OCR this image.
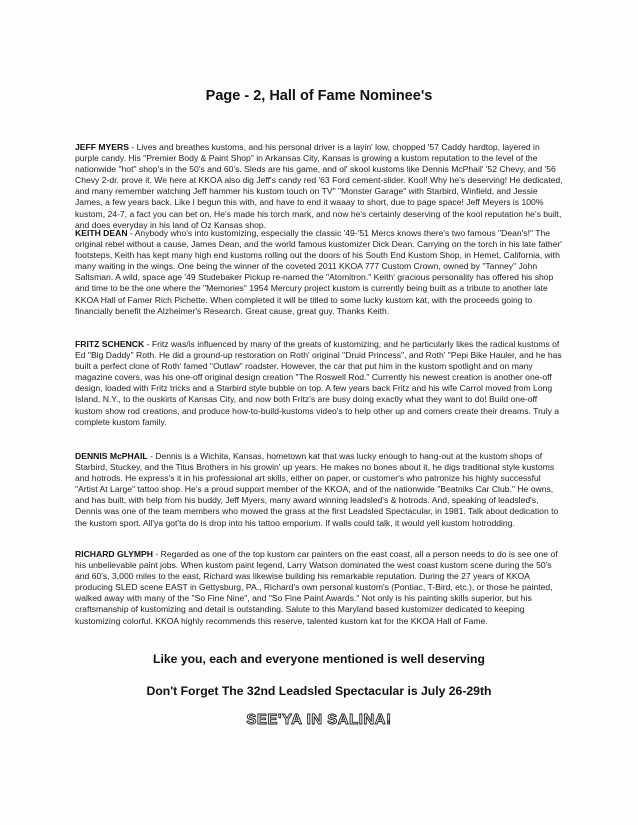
Page - 2, Hall of Fame Nominee's
JEFF MYERS - Lives and breathes kustoms, and his personal driver is a layin' low, chopped '57 Caddy hardtop, layered in purple candy. His "Premier Body & Paint Shop" in Arkansas City, Kansas is growing a kustom reputation to the level of the nationwide "hot" shop's in the 50's and 60's. Sleds are his game, and ol' skool kustoms like Dennis McPhail' '52 Chevy, and '56 Chevy 2-dr. prove it. We here at KKOA also dig Jeff's candy red '63 Ford cement-slider. Kool! Why he's deserving! He dedicated, and many remember watching Jeff hammer his kustom touch on TV" "Monster Garage" with Starbird, Winfield, and Jessie James, a few years back. Like I begun this with, and have to end it waaay to short, due to page space! Jeff Meyers is 100% kustom, 24-7, a fact you can bet on. He's made his torch mark, and now he's certainly deserving of the kool reputation he's built, and does everyday in his land of Oz Kansas shop.
KEITH DEAN - Anybody who's into kustomizing, especially the classic '49-'51 Mercs knows there's two famous "Dean's!" The original rebel without a cause, James Dean, and the world famous kustomizer Dick Dean. Carrying on the torch in his late father' footsteps, Keith has kept many high end kustoms rolling out the doors of his South End Kustom Shop, in Hemet, California, with many waiting in the wings. One being the winner of the coveted 2011 KKOA 777 Custom Crown, owned by "Tanney" John Saltsman. A wild, space age '49 Studebaker Pickup re-named the "Atomitron." Keith' gracious personality has offered his shop and time to be the one where the "Memories" 1954 Mercury project kustom is currently being built as a tribute to another late KKOA Hall of Famer Rich Pichette. When completed it will be titled to some lucky kustom kat, with the proceeds going to financially benefit the Alzheimer's Research. Great cause, great guy. Thanks Keith.
FRITZ SCHENCK - Fritz was/is influenced by many of the greats of kustomizing, and he particularly likes the radical kustoms of Ed "Big Daddy" Roth. He did a ground-up restoration on Roth' original "Druid Princess", and Roth' "Pepi Bike Hauler, and he has built a perfect clone of Roth' famed "Outlaw" roadster. However, the car that put him in the kustom spotlight and on many magazine covers, was his one-off original design creation "The Roswell Rod." Currently his newest creation is another one-off design, loaded with Fritz tricks and a Starbird style bubble on top. A few years back Fritz and his wife Carrol moved from Long Island, N.Y., to the ouskirts of Kansas City, and now both Fritz's are busy doing exactly what they want to do! Build one-off kustom show rod creations, and produce how-to-build-kustoms video's to help other up and comers create their dreams. Truly a complete kustom family.
DENNIS McPHAIL - Dennis is a Wichita, Kansas, hometown kat that was lucky enough to hang-out at the kustom shops of Starbird, Stuckey, and the Titus Brothers in his growin' up years. He makes no bones about it, he digs traditional style kustoms and hotrods. He express's it in his professional art skills, either on paper, or customer's who patronize his highly successful "Artist At Large" tattoo shop. He's a proud support member of the KKOA, and of the nationwide "Beatniks Car Club." He owns, and has built, with help from his buddy, Jeff Myers, many award winning leadsled's & hotrods. And, speaking of leadsled's, Dennis was one of the team members who mowed the grass at the first Leadsled Spectacular, in 1981. Talk about dedication to the kustom sport. All'ya got'ta do is drop into his tattoo emporium. If walls could talk, it would yell kustom hotrodding.
RICHARD GLYMPH - Regarded as one of the top kustom car painters on the east coast, all a person needs to do is see one of his unbelievable paint jobs. When kustom paint legend, Larry Watson dominated the west coast kustom scene during the 50's and 60's, 3,000 miles to the east, Richard was likewise building his remarkable reputation. During the 27 years of KKOA producing SLED scene EAST in Gettysburg, PA., Richard's own personal kustom's (Pontiac, T-Bird, etc.), or those he painted, walked away with many of the "So Fine Nine", and "So Fine Paint Awards." Not only is his painting skills superior, but his craftsmanship of kustomizing and detail is outstanding. Salute to this Maryland based kustomizer dedicated to keeping kustomizing colorful. KKOA highly recommends this reserve, talented kustom kat for the KKOA Hall of Fame.
Like you, each and everyone mentioned is well deserving
Don't Forget The 32nd Leadsled Spectacular is July 26-29th
SEE'YA IN SALINA!
